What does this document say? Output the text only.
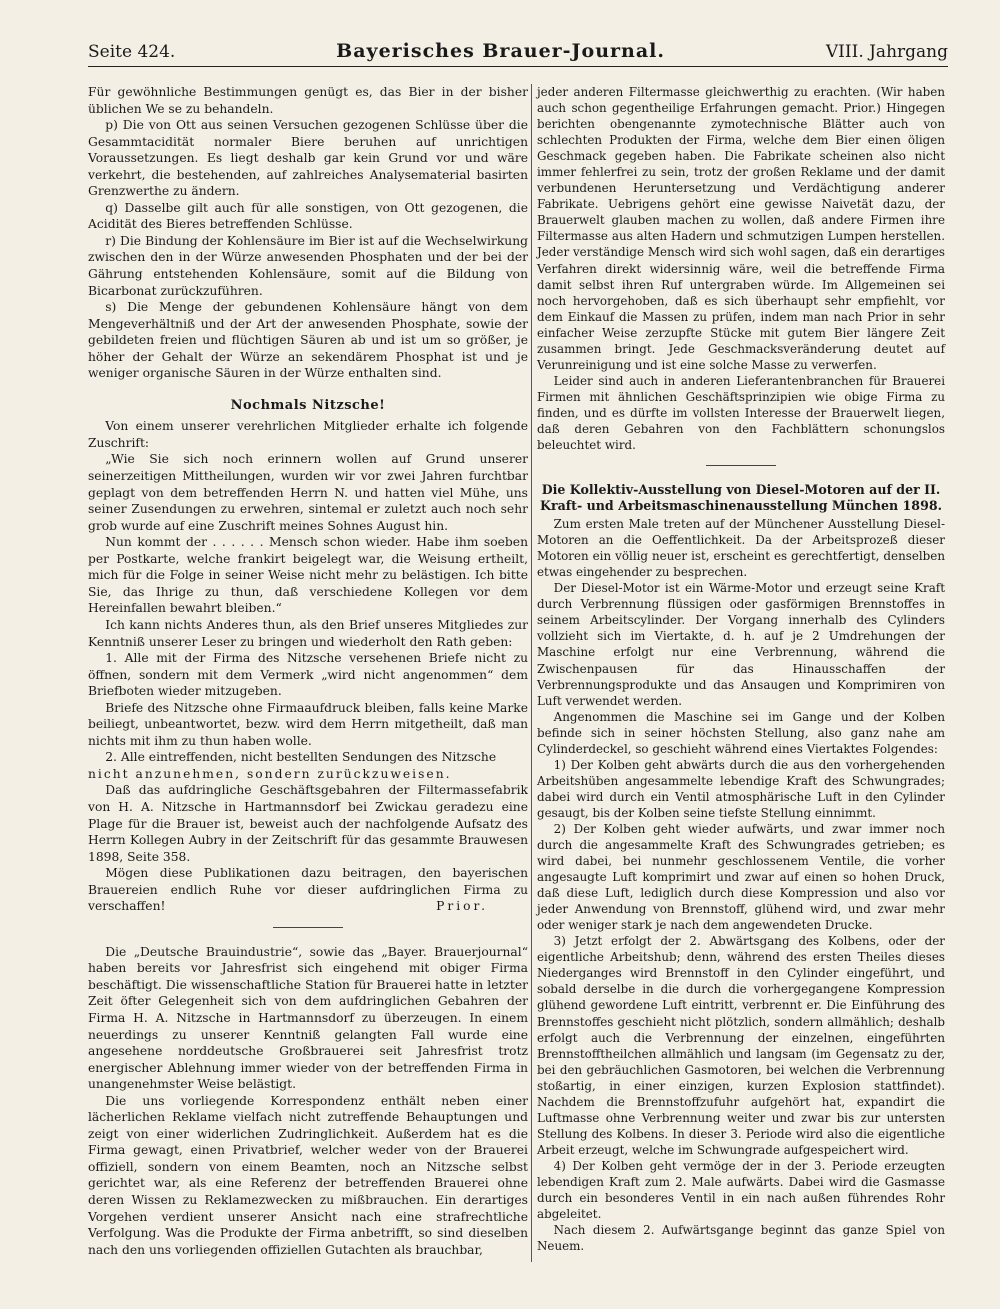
Seite 424.	Bayerisches Brauer-Journal.	VIII. Jahrgang

Für gewöhnliche Bestimmungen genügt es, das Bier in der bisher üblichen We se zu behandeln.

p) Die von Ott aus seinen Versuchen gezogenen Schlüsse über die Gesammtacidität normaler Biere beruhen auf unrichtigen Voraussetzungen. Es liegt deshalb gar kein Grund vor und wäre verkehrt, die bestehenden, auf zahlreiches Analysematerial basirten Grenzwerthe zu ändern.

q) Dasselbe gilt auch für alle sonstigen, von Ott gezogenen, die Acidität des Bieres betreffenden Schlüsse.

r) Die Bindung der Kohlensäure im Bier ist auf die Wechselwirkung zwischen den in der Würze anwesenden Phosphaten und der bei der Gährung entstehenden Kohlensäure, somit auf die Bildung von Bicarbonat zurückzuführen.

s) Die Menge der gebundenen Kohlensäure hängt von dem Mengeverhältniß und der Art der anwesenden Phosphate, sowie der gebildeten freien und flüchtigen Säuren ab und ist um so größer, je höher der Gehalt der Würze an sekendärem Phosphat ist und je weniger organische Säuren in der Würze enthalten sind.

Nochmals Nitzsche!

Von einem unserer verehrlichen Mitglieder erhalte ich folgende Zuschrift:

„Wie Sie sich noch erinnern wollen auf Grund unserer seinerzeitigen Mittheilungen, wurden wir vor zwei Jahren furchtbar geplagt von dem betreffenden Herrn N. und hatten viel Mühe, uns seiner Zusendungen zu erwehren, sintemal er zuletzt auch noch sehr grob wurde auf eine Zuschrift meines Sohnes August hin.

Nun kommt der . . . . . . Mensch schon wieder. Habe ihm soeben per Postkarte, welche frankirt beigelegt war, die Weisung ertheilt, mich für die Folge in seiner Weise nicht mehr zu belästigen. Ich bitte Sie, das Ihrige zu thun, daß verschiedene Kollegen vor dem Hereinfallen bewahrt bleiben.“

Ich kann nichts Anderes thun, als den Brief unseres Mitgliedes zur Kenntniß unserer Leser zu bringen und wiederholt den Rath geben:

1. Alle mit der Firma des Nitzsche versehenen Briefe nicht zu öffnen, sondern mit dem Vermerk „wird nicht angenommen“ dem Briefboten wieder mitzugeben.

Briefe des Nitzsche ohne Firmaaufdruck bleiben, falls keine Marke beiliegt, unbeantwortet, bezw. wird dem Herrn mitgetheilt, daß man nichts mit ihm zu thun haben wolle.

2. Alle eintreffenden, nicht bestellten Sendungen des Nitzsche

nicht anzunehmen, sondern zurückzuweisen.

Daß das aufdringliche Geschäftsgebahren der Filtermassefabrik von H. A. Nitzsche in Hartmannsdorf bei Zwickau geradezu eine Plage für die Brauer ist, beweist auch der nachfolgende Aufsatz des Herrn Kollegen Aubry in der Zeitschrift für das gesammte Brauwesen 1898, Seite 358.

Mögen diese Publikationen dazu beitragen, den bayerischen Brauereien endlich Ruhe vor dieser aufdringlichen Firma zu verschaffen!	Prior.

Die „Deutsche Brauindustrie“, sowie das „Bayer. Brauerjournal“ haben bereits vor Jahresfrist sich eingehend mit obiger Firma beschäftigt. Die wissenschaftliche Station für Brauerei hatte in letzter Zeit öfter Gelegenheit sich von dem aufdringlichen Gebahren der Firma H. A. Nitzsche in Hartmannsdorf zu überzeugen. In einem neuerdings zu unserer Kenntniß gelangten Fall wurde eine angesehene norddeutsche Großbrauerei seit Jahresfrist trotz energischer Ablehnung immer wieder von der betreffenden Firma in unangenehmster Weise belästigt.

Die uns vorliegende Korrespondenz enthält neben einer lächerlichen Reklame vielfach nicht zutreffende Behauptungen und zeigt von einer widerlichen Zudringlichkeit. Außerdem hat es die Firma gewagt, einen Privatbrief, welcher weder von der Brauerei offiziell, sondern von einem Beamten, noch an Nitzsche selbst gerichtet war, als eine Referenz der betreffenden Brauerei ohne deren Wissen zu Reklamezwecken zu mißbrauchen. Ein derartiges Vorgehen verdient unserer Ansicht nach eine strafrechtliche Verfolgung. Was die Produkte der Firma anbetrifft, so sind dieselben nach den uns vorliegenden offiziellen Gutachten als brauchbar,

jeder anderen Filtermasse gleichwerthig zu erachten. (Wir haben auch schon gegentheilige Erfahrungen gemacht. Prior.) Hingegen berichten obengenannte zymotechnische Blätter auch von schlechten Produkten der Firma, welche dem Bier einen öligen Geschmack gegeben haben. Die Fabrikate scheinen also nicht immer fehlerfrei zu sein, trotz der großen Reklame und der damit verbundenen Heruntersetzung und Verdächtigung anderer Fabrikate. Uebrigens gehört eine gewisse Naivetät dazu, der Brauerwelt glauben machen zu wollen, daß andere Firmen ihre Filtermasse aus alten Hadern und schmutzigen Lumpen herstellen. Jeder verständige Mensch wird sich wohl sagen, daß ein derartiges Verfahren direkt widersinnig wäre, weil die betreffende Firma damit selbst ihren Ruf untergraben würde. Im Allgemeinen sei noch hervorgehoben, daß es sich überhaupt sehr empfiehlt, vor dem Einkauf die Massen zu prüfen, indem man nach Prior in sehr einfacher Weise zerzupfte Stücke mit gutem Bier längere Zeit zusammen bringt. Jede Geschmacksveränderung deutet auf Verunreinigung und ist eine solche Masse zu verwerfen.

Leider sind auch in anderen Lieferantenbranchen für Brauerei Firmen mit ähnlichen Geschäftsprinzipien wie obige Firma zu finden, und es dürfte im vollsten Interesse der Brauerwelt liegen, daß deren Gebahren von den Fachblättern schonungslos beleuchtet wird.

Die Kollektiv-Ausstellung von Diesel-Motoren auf der II. Kraft- und Arbeitsmaschinenausstellung München 1898.

Zum ersten Male treten auf der Münchener Ausstellung Diesel-Motoren an die Oeffentlichkeit. Da der Arbeitsprozeß dieser Motoren ein völlig neuer ist, erscheint es gerechtfertigt, denselben etwas eingehender zu besprechen.

Der Diesel-Motor ist ein Wärme-Motor und erzeugt seine Kraft durch Verbrennung flüssigen oder gasförmigen Brennstoffes in seinem Arbeitscylinder. Der Vorgang innerhalb des Cylinders vollzieht sich im Viertakte, d. h. auf je 2 Umdrehungen der Maschine erfolgt nur eine Verbrennung, während die Zwischenpausen für das Hinausschaffen der Verbrennungsprodukte und das Ansaugen und Komprimiren von Luft verwendet werden.

Angenommen die Maschine sei im Gange und der Kolben befinde sich in seiner höchsten Stellung, also ganz nahe am Cylinderdeckel, so geschieht während eines Viertaktes Folgendes:

1) Der Kolben geht abwärts durch die aus den vorhergehenden Arbeitshüben angesammelte lebendige Kraft des Schwungrades; dabei wird durch ein Ventil atmosphärische Luft in den Cylinder gesaugt, bis der Kolben seine tiefste Stellung einnimmt.

2) Der Kolben geht wieder aufwärts, und zwar immer noch durch die angesammelte Kraft des Schwungrades getrieben; es wird dabei, bei nunmehr geschlossenem Ventile, die vorher angesaugte Luft komprimirt und zwar auf einen so hohen Druck, daß diese Luft, lediglich durch diese Kompression und also vor jeder Anwendung von Brennstoff, glühend wird, und zwar mehr oder weniger stark je nach dem angewendeten Drucke.

3) Jetzt erfolgt der 2. Abwärtsgang des Kolbens, oder der eigentliche Arbeitshub; denn, während des ersten Theiles dieses Niederganges wird Brennstoff in den Cylinder eingeführt, und sobald derselbe in die durch die vorhergegangene Kompression glühend gewordene Luft eintritt, verbrennt er. Die Einführung des Brennstoffes geschieht nicht plötzlich, sondern allmählich; deshalb erfolgt auch die Verbrennung der einzelnen, eingeführten Brennstofftheilchen allmählich und langsam (im Gegensatz zu der, bei den gebräuchlichen Gasmotoren, bei welchen die Verbrennung stoßartig, in einer einzigen, kurzen Explosion stattfindet). Nachdem die Brennstoffzufuhr aufgehört hat, expandirt die Luftmasse ohne Verbrennung weiter und zwar bis zur untersten Stellung des Kolbens. In dieser 3. Periode wird also die eigentliche Arbeit erzeugt, welche im Schwungrade aufgespeichert wird.

4) Der Kolben geht vermöge der in der 3. Periode erzeugten lebendigen Kraft zum 2. Male aufwärts. Dabei wird die Gasmasse durch ein besonderes Ventil in ein nach außen führendes Rohr abgeleitet.

Nach diesem 2. Aufwärtsgange beginnt das ganze Spiel von Neuem.
